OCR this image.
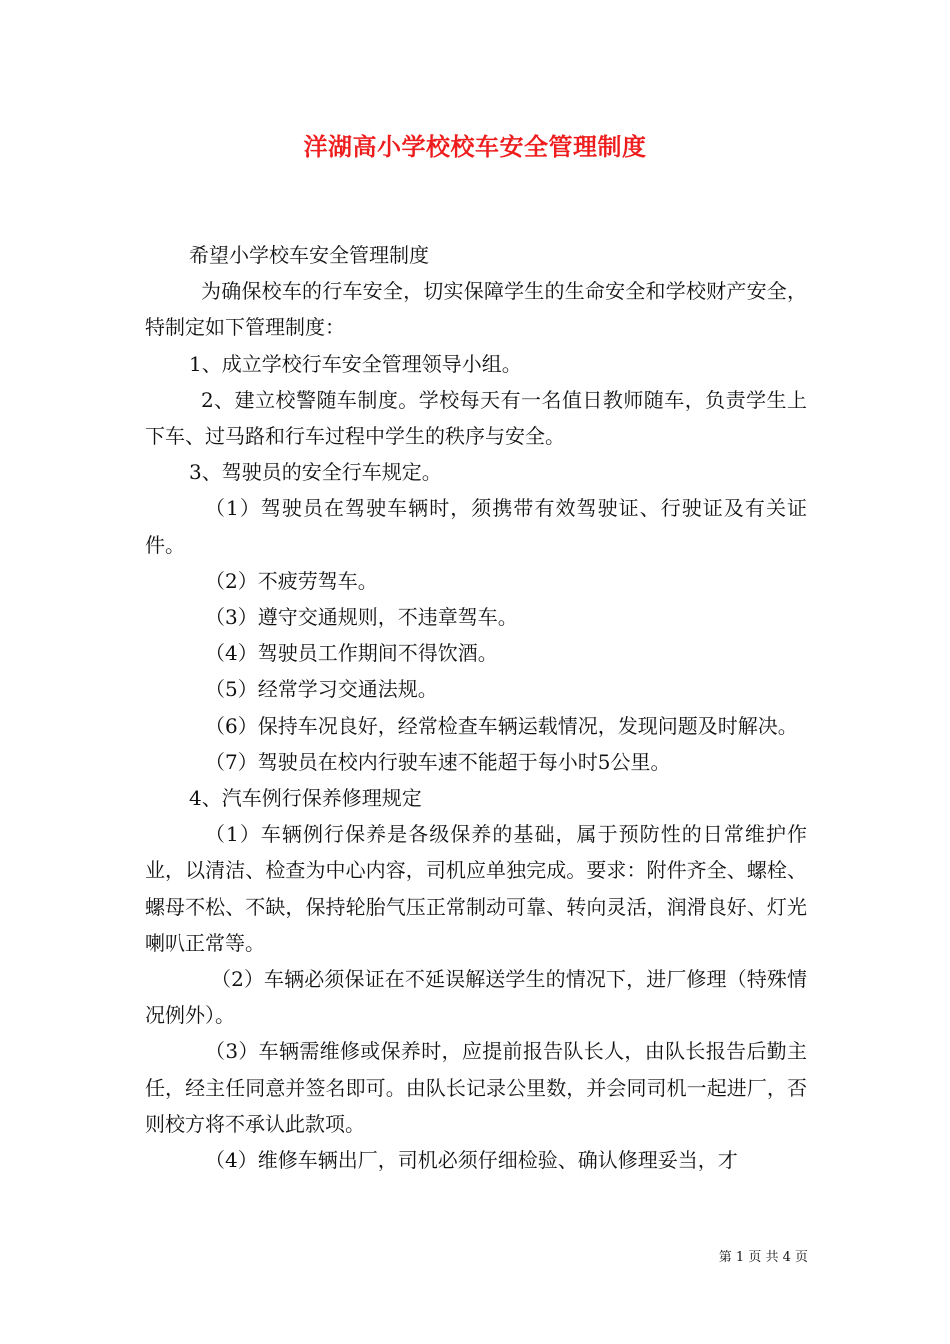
洋湖高小学校校车安全管理制度

希望小学校车安全管理制度

为确保校车的行车安全，切实保障学生的生命安全和学校财产安全，特制定如下管理制度：

1、成立学校行车安全管理领导小组。

2、建立校警随车制度。学校每天有一名值日教师随车，负责学生上下车、过马路和行车过程中学生的秩序与安全。

3、驾驶员的安全行车规定。

（1）驾驶员在驾驶车辆时，须携带有效驾驶证、行驶证及有关证件。

（2）不疲劳驾车。

（3）遵守交通规则，不违章驾车。

（4）驾驶员工作期间不得饮酒。

（5）经常学习交通法规。

（6）保持车况良好，经常检查车辆运载情况，发现问题及时解决。

（7）驾驶员在校内行驶车速不能超于每小时5公里。

4、汽车例行保养修理规定

（1）车辆例行保养是各级保养的基础，属于预防性的日常维护作业，以清洁、检查为中心内容，司机应单独完成。要求：附件齐全、螺栓、螺母不松、不缺，保持轮胎气压正常制动可靠、转向灵活，润滑良好、灯光喇叭正常等。

（2）车辆必须保证在不延误解送学生的情况下，进厂修理（特殊情况例外）。

（3）车辆需维修或保养时，应提前报告队长人，由队长报告后勤主任，经主任同意并签名即可。由队长记录公里数，并会同司机一起进厂，否则校方将不承认此款项。

（4）维修车辆出厂，司机必须仔细检验、确认修理妥当，才

第 1 页 共 4 页
